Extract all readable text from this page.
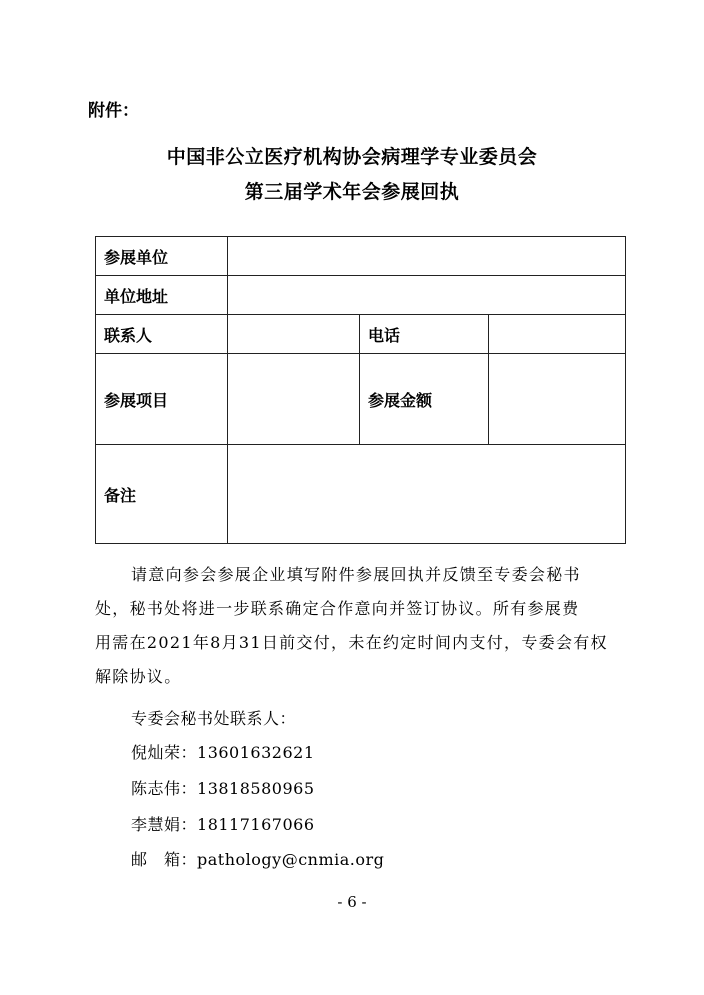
附件：
中国非公立医疗机构协会病理学专业委员会
第三届学术年会参展回执
参展单位			
单位地址			
联系人		电话	
参展项目		参展金额	
备注			

请意向参会参展企业填写附件参展回执并反馈至专委会秘书

处，秘书处将进一步联系确定合作意向并签订协议。所有参展费

用需在2021年8月31日前交付，未在约定时间内支付，专委会有权

解除协议。

专委会秘书处联系人：
倪灿荣：13601632621
陈志伟：13818580965
李慧娟：18117167066
邮　箱：pathology@cnmia.org
- 6 -
